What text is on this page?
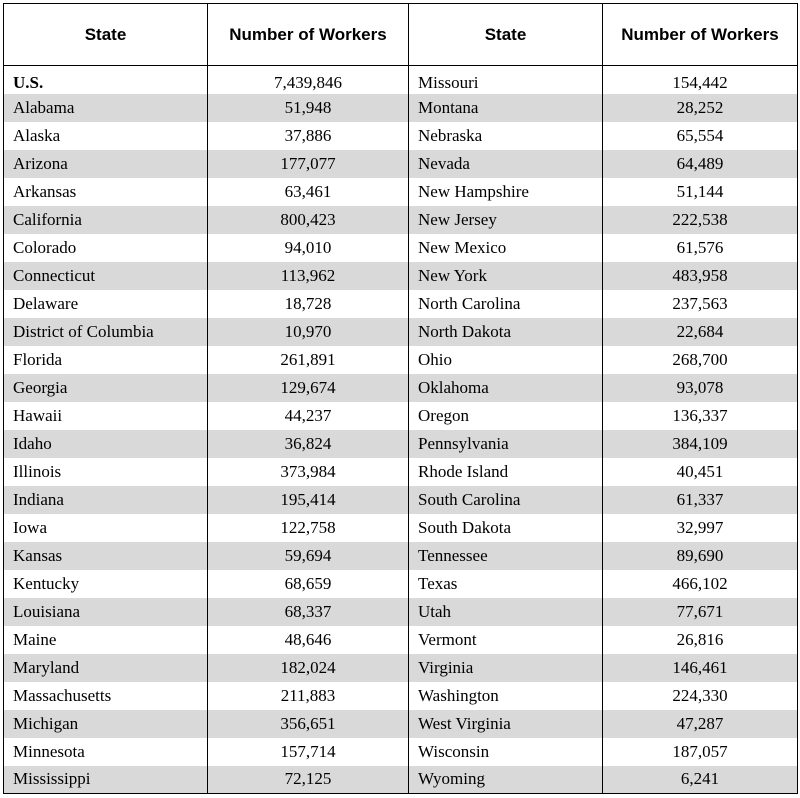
State	Number of Workers	State	Number of Workers
U.S.	7,439,846	Missouri	154,442
Alabama	51,948	Montana	28,252
Alaska	37,886	Nebraska	65,554
Arizona	177,077	Nevada	64,489
Arkansas	63,461	New Hampshire	51,144
California	800,423	New Jersey	222,538
Colorado	94,010	New Mexico	61,576
Connecticut	113,962	New York	483,958
Delaware	18,728	North Carolina	237,563
District of Columbia	10,970	North Dakota	22,684
Florida	261,891	Ohio	268,700
Georgia	129,674	Oklahoma	93,078
Hawaii	44,237	Oregon	136,337
Idaho	36,824	Pennsylvania	384,109
Illinois	373,984	Rhode Island	40,451
Indiana	195,414	South Carolina	61,337
Iowa	122,758	South Dakota	32,997
Kansas	59,694	Tennessee	89,690
Kentucky	68,659	Texas	466,102
Louisiana	68,337	Utah	77,671
Maine	48,646	Vermont	26,816
Maryland	182,024	Virginia	146,461
Massachusetts	211,883	Washington	224,330
Michigan	356,651	West Virginia	47,287
Minnesota	157,714	Wisconsin	187,057
Mississippi	72,125	Wyoming	6,241
